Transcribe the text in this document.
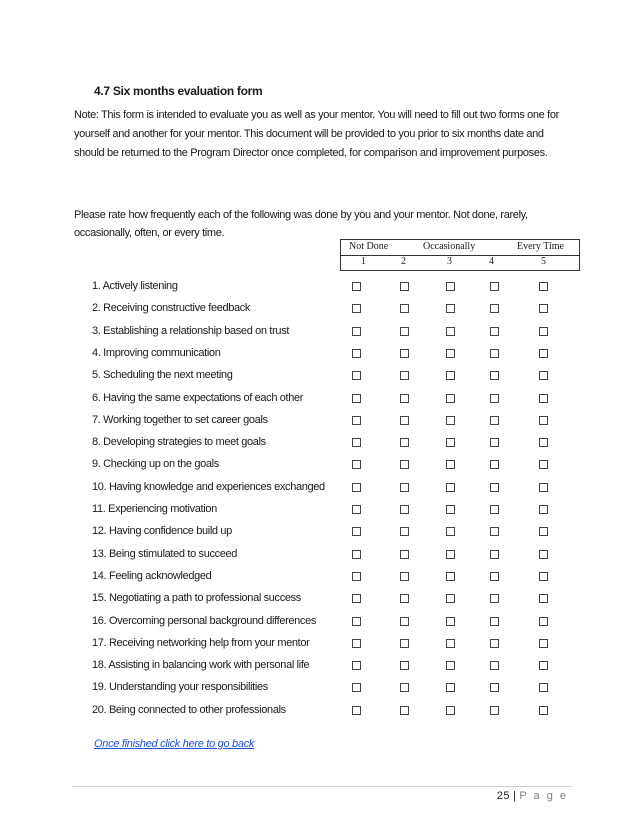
4.7 Six months evaluation form
Note: This form is intended to evaluate you as well as your mentor. You will need to fill out two forms one for yourself and another for your mentor. This document will be provided to you prior to six months date and should be returned to the Program Director once completed, for comparison and improvement purposes.
Please rate how frequently each of the following was done by you and your mentor. Not done, rarely, occasionally, often, or every time.
Not Done	Occasionally	Every Time
1	2	3	4	5
1. Actively listening
2. Receiving constructive feedback
3. Establishing a relationship based on trust
4. Improving communication
5. Scheduling the next meeting
6. Having the same expectations of each other
7. Working together to set career goals
8. Developing strategies to meet goals
9. Checking up on the goals
10. Having knowledge and experiences exchanged
11. Experiencing motivation
12. Having confidence build up
13. Being stimulated to succeed
14. Feeling acknowledged
15. Negotiating a path to professional success
16. Overcoming personal background differences
17. Receiving networking help from your mentor
18. Assisting in balancing work with personal life
19. Understanding your responsibilities
20. Being connected to other professionals
Once finished click here to go back
25 | P a g e
